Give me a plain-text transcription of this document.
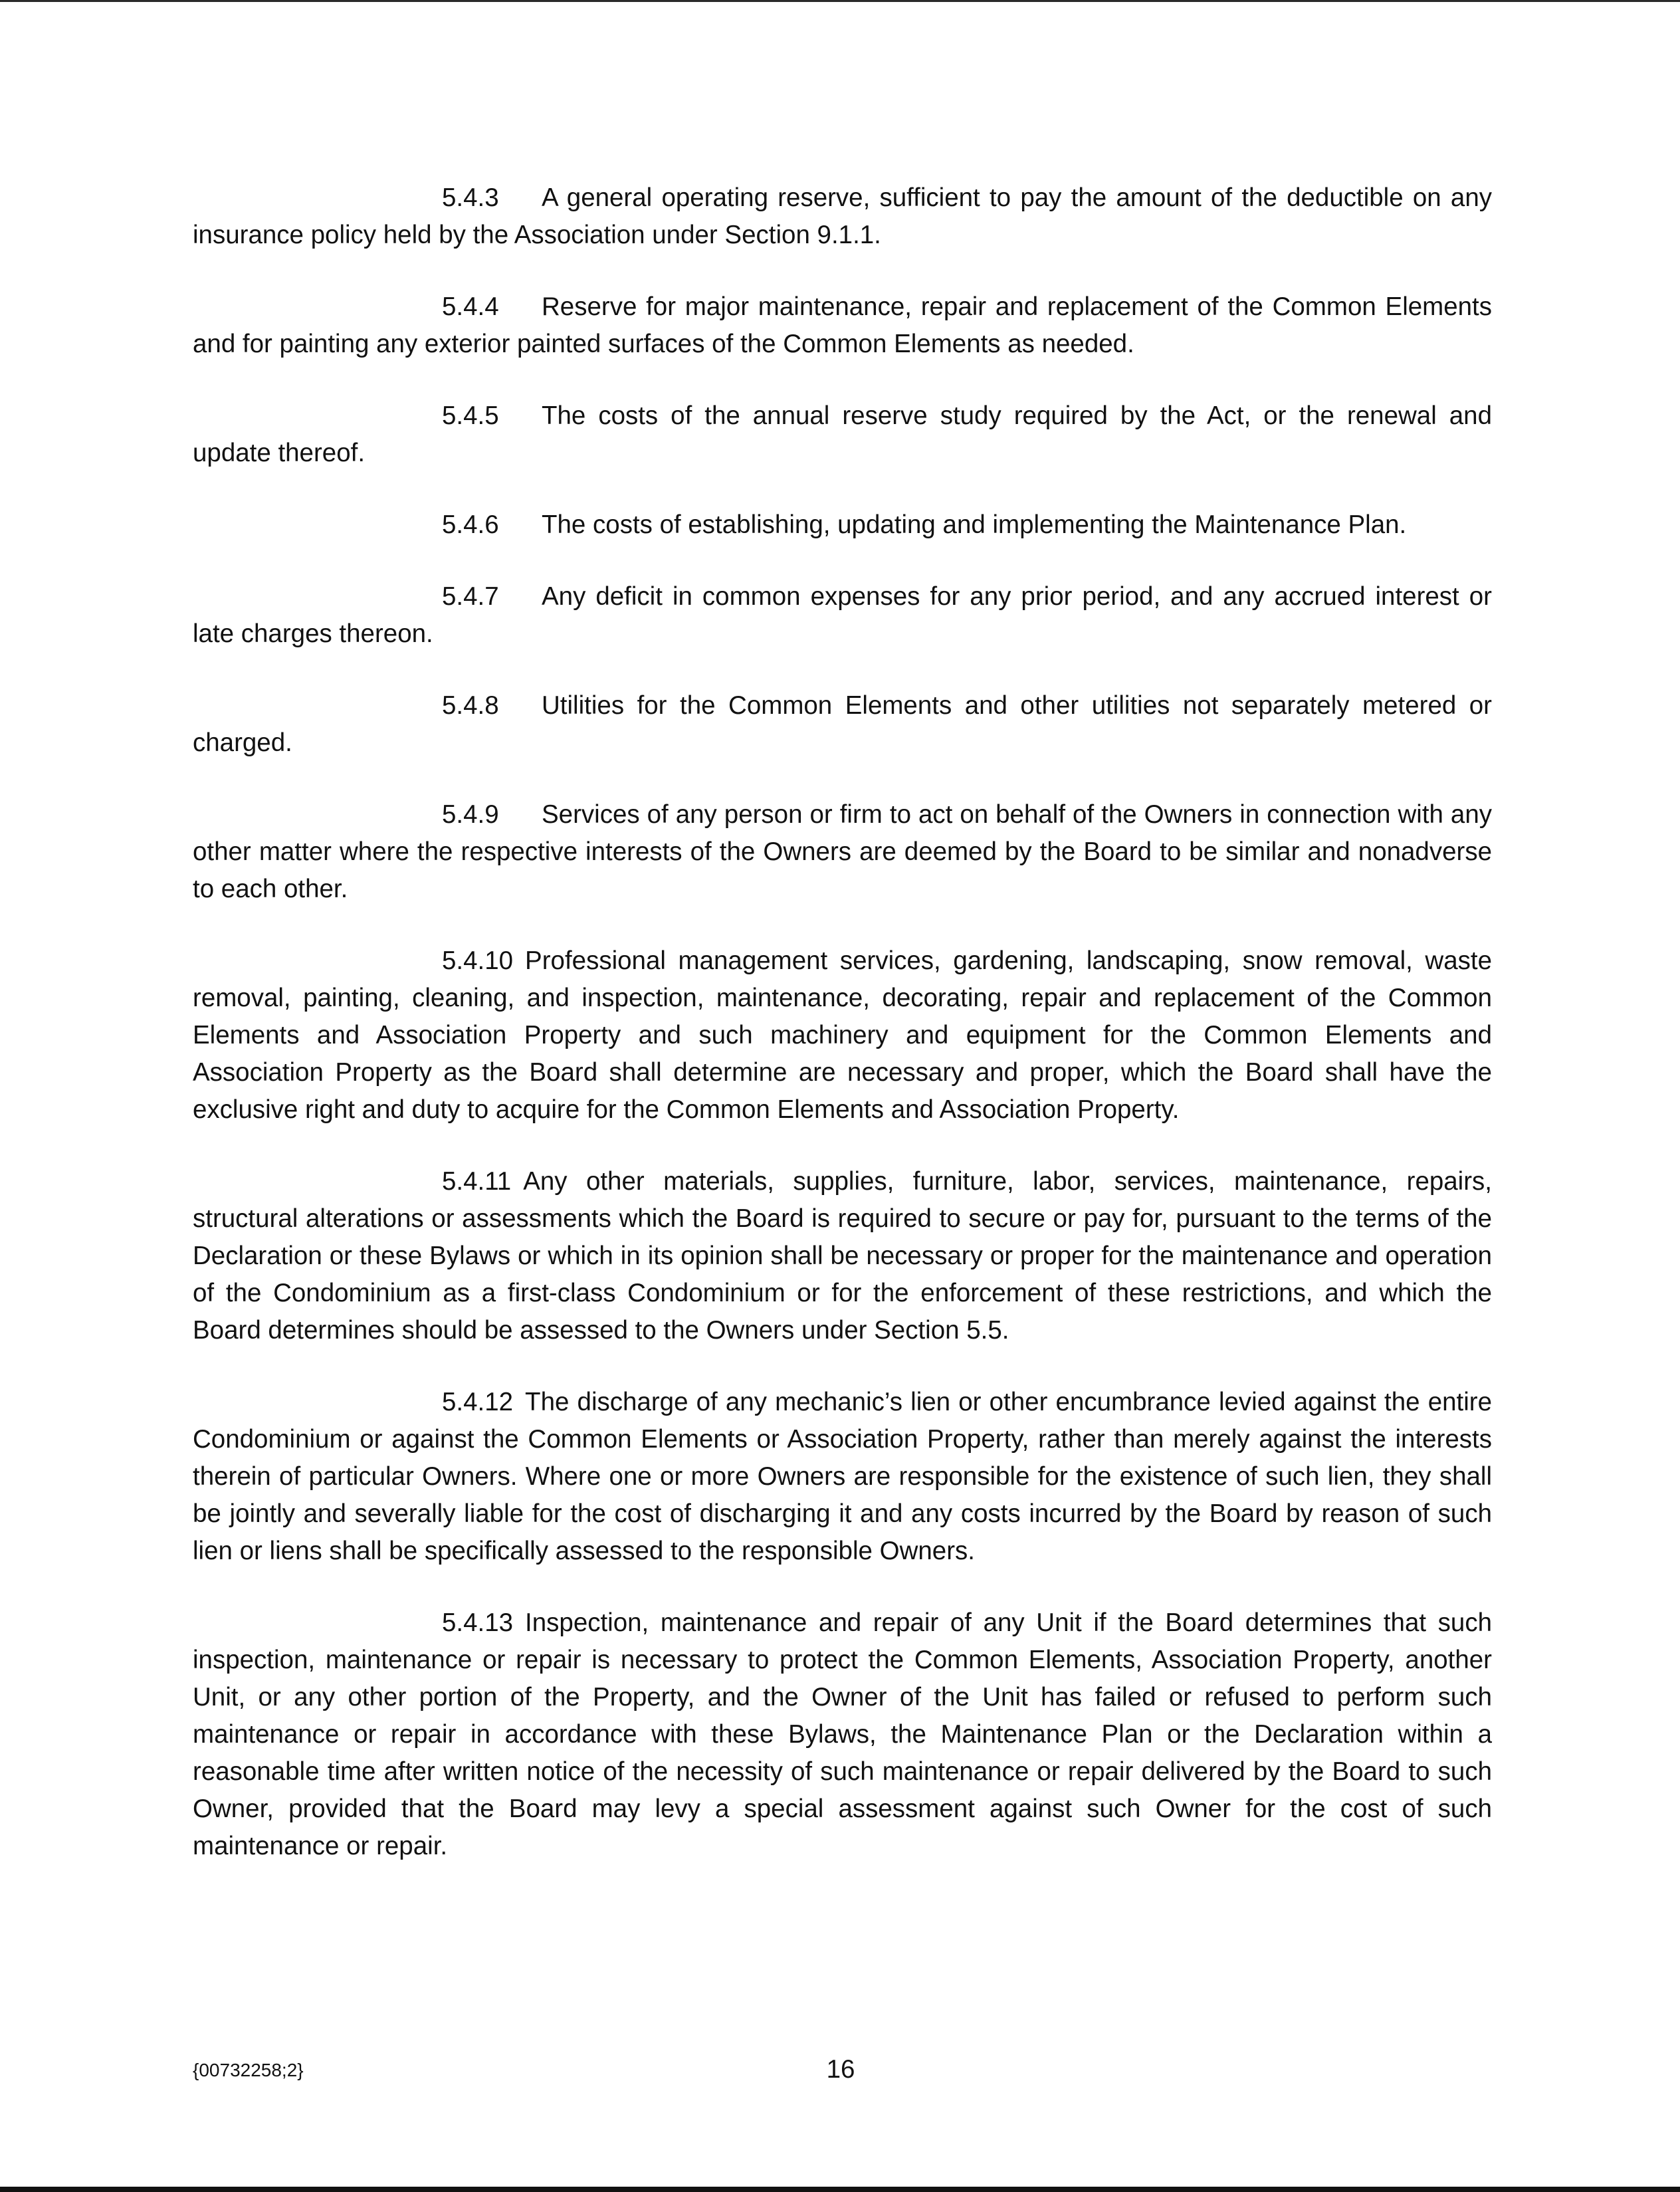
5.4.3 A general operating reserve, sufficient to pay the amount of the deductible on any insurance policy held by the Association under Section 9.1.1.

5.4.4 Reserve for major maintenance, repair and replacement of the Common Elements and for painting any exterior painted surfaces of the Common Elements as needed.

5.4.5 The costs of the annual reserve study required by the Act, or the renewal and update thereof.

5.4.6 The costs of establishing, updating and implementing the Maintenance Plan.

5.4.7 Any deficit in common expenses for any prior period, and any accrued interest or late charges thereon.

5.4.8 Utilities for the Common Elements and other utilities not separately metered or charged.

5.4.9 Services of any person or firm to act on behalf of the Owners in connection with any other matter where the respective interests of the Owners are deemed by the Board to be similar and nonadverse to each other.

5.4.10 Professional management services, gardening, landscaping, snow removal, waste removal, painting, cleaning, and inspection, maintenance, decorating, repair and replacement of the Common Elements and Association Property and such machinery and equipment for the Common Elements and Association Property as the Board shall determine are necessary and proper, which the Board shall have the exclusive right and duty to acquire for the Common Elements and Association Property.

5.4.11 Any other materials, supplies, furniture, labor, services, maintenance, repairs, structural alterations or assessments which the Board is required to secure or pay for, pursuant to the terms of the Declaration or these Bylaws or which in its opinion shall be necessary or proper for the maintenance and operation of the Condominium as a first-class Condominium or for the enforcement of these restrictions, and which the Board determines should be assessed to the Owners under Section 5.5.

5.4.12 The discharge of any mechanic’s lien or other encumbrance levied against the entire Condominium or against the Common Elements or Association Property, rather than merely against the interests therein of particular Owners. Where one or more Owners are responsible for the existence of such lien, they shall be jointly and severally liable for the cost of discharging it and any costs incurred by the Board by reason of such lien or liens shall be specifically assessed to the responsible Owners.

5.4.13 Inspection, maintenance and repair of any Unit if the Board determines that such inspection, maintenance or repair is necessary to protect the Common Elements, Association Property, another Unit, or any other portion of the Property, and the Owner of the Unit has failed or refused to perform such maintenance or repair in accordance with these Bylaws, the Maintenance Plan or the Declaration within a reasonable time after written notice of the necessity of such maintenance or repair delivered by the Board to such Owner, provided that the Board may levy a special assessment against such Owner for the cost of such maintenance or repair.

{00732258;2}	16
